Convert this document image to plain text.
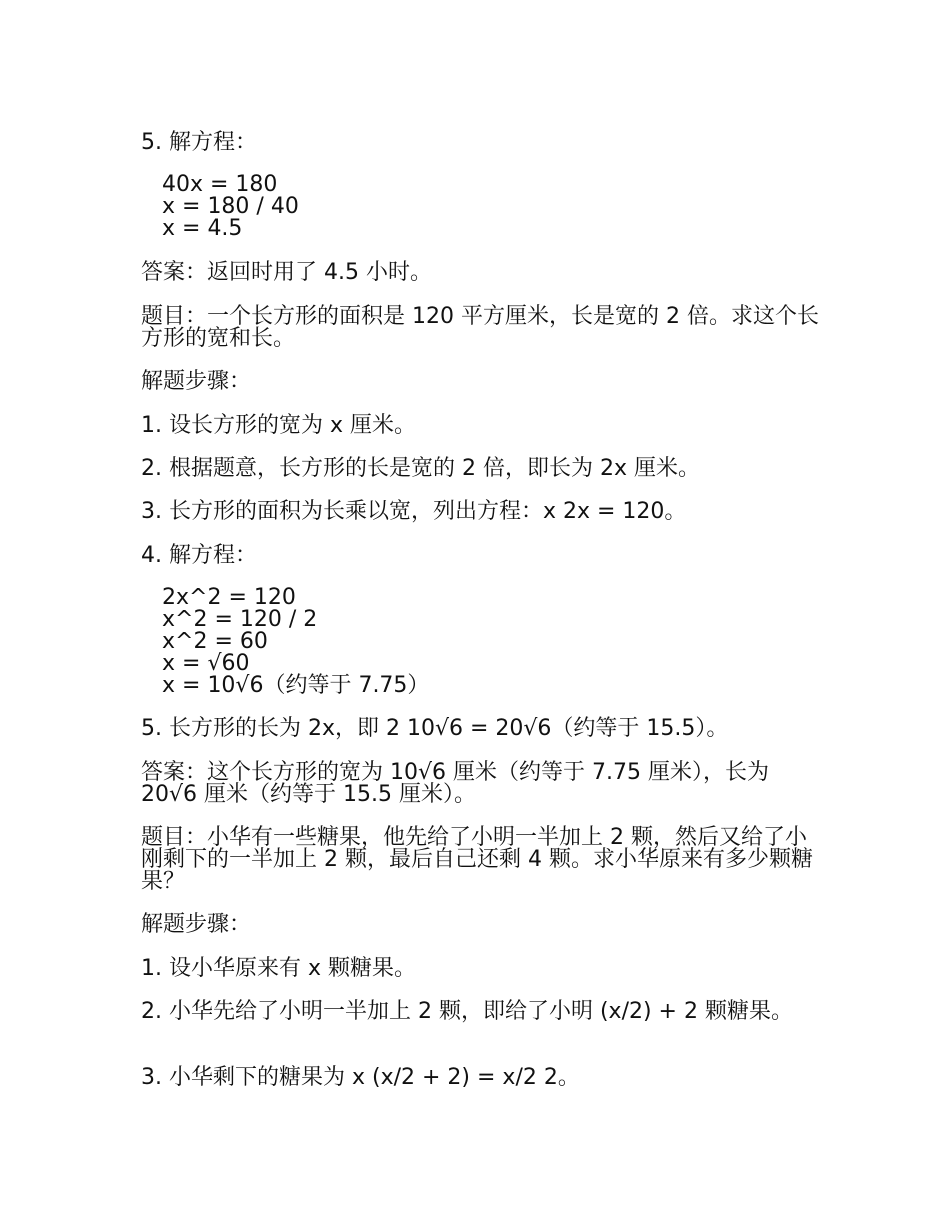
5. 解方程：
40x = 180
x = 180 / 40
x = 4.5
答案：返回时用了 4.5 小时。
题目：一个长方形的面积是 120 平方厘米，长是宽的 2 倍。求这个长方形的宽和长。
解题步骤：
1. 设长方形的宽为 x 厘米。
2. 根据题意，长方形的长是宽的 2 倍，即长为 2x 厘米。
3. 长方形的面积为长乘以宽，列出方程：x 2x = 120。
4. 解方程：
2x^2 = 120
x^2 = 120 / 2
x^2 = 60
x = √60
x = 10√6（约等于 7.75）
5. 长方形的长为 2x，即 2 10√6 = 20√6（约等于 15.5）。
答案：这个长方形的宽为 10√6 厘米（约等于 7.75 厘米），长为 20√6 厘米（约等于 15.5 厘米）。
题目：小华有一些糖果，他先给了小明一半加上 2 颗，然后又给了小刚剩下的一半加上 2 颗，最后自己还剩 4 颗。求小华原来有多少颗糖果？
解题步骤：
1. 设小华原来有 x 颗糖果。
2. 小华先给了小明一半加上 2 颗，即给了小明 (x/2) + 2 颗糖果。
3. 小华剩下的糖果为 x (x/2 + 2) = x/2 2。
